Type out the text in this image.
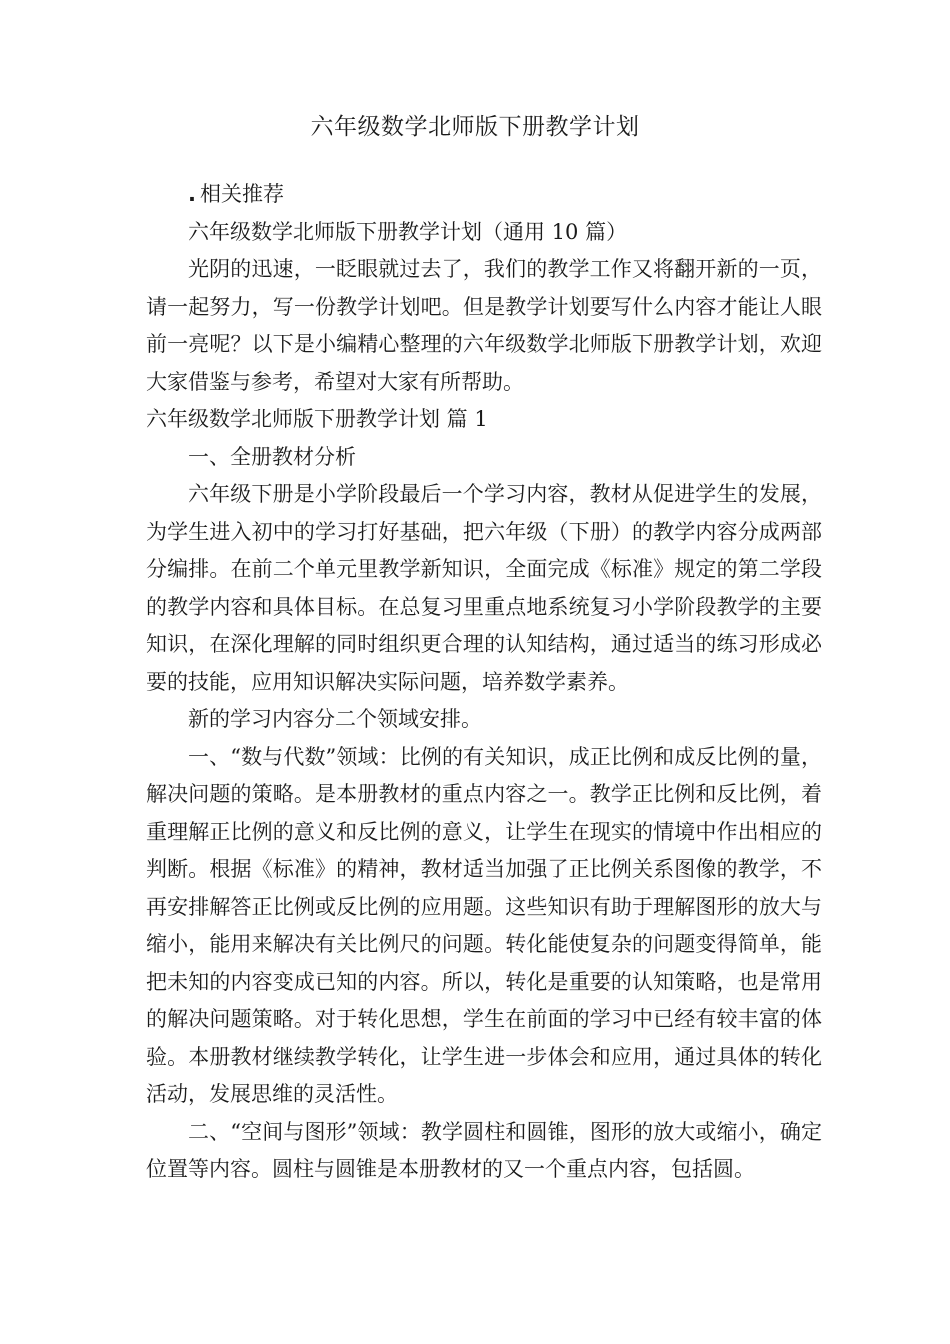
六年级数学北师版下册教学计划

. 相关推荐

六年级数学北师版下册教学计划（通用 10 篇）

光阴的迅速，一眨眼就过去了，我们的教学工作又将翻开新的一页，请一起努力，写一份教学计划吧。但是教学计划要写什么内容才能让人眼前一亮呢？以下是小编精心整理的六年级数学北师版下册教学计划，欢迎大家借鉴与参考，希望对大家有所帮助。

六年级数学北师版下册教学计划 篇 1

一、全册教材分析

六年级下册是小学阶段最后一个学习内容，教材从促进学生的发展，为学生进入初中的学习打好基础，把六年级（下册）的教学内容分成两部分编排。在前二个单元里教学新知识，全面完成《标准》规定的第二学段的教学内容和具体目标。在总复习里重点地系统复习小学阶段教学的主要知识，在深化理解的同时组织更合理的认知结构，通过适当的练习形成必要的技能，应用知识解决实际问题，培养数学素养。

新的学习内容分二个领域安排。

一、“数与代数”领域：比例的有关知识，成正比例和成反比例的量，解决问题的策略。是本册教材的重点内容之一。教学正比例和反比例，着重理解正比例的意义和反比例的意义，让学生在现实的情境中作出相应的判断。根据《标准》的精神，教材适当加强了正比例关系图像的教学，不再安排解答正比例或反比例的应用题。这些知识有助于理解图形的放大与缩小，能用来解决有关比例尺的问题。转化能使复杂的问题变得简单，能把未知的内容变成已知的内容。所以，转化是重要的认知策略，也是常用的解决问题策略。对于转化思想，学生在前面的学习中已经有较丰富的体验。本册教材继续教学转化，让学生进一步体会和应用，通过具体的转化活动，发展思维的灵活性。

二、“空间与图形”领域：教学圆柱和圆锥，图形的放大或缩小，确定位置等内容。圆柱与圆锥是本册教材的又一个重点内容，包括圆。
